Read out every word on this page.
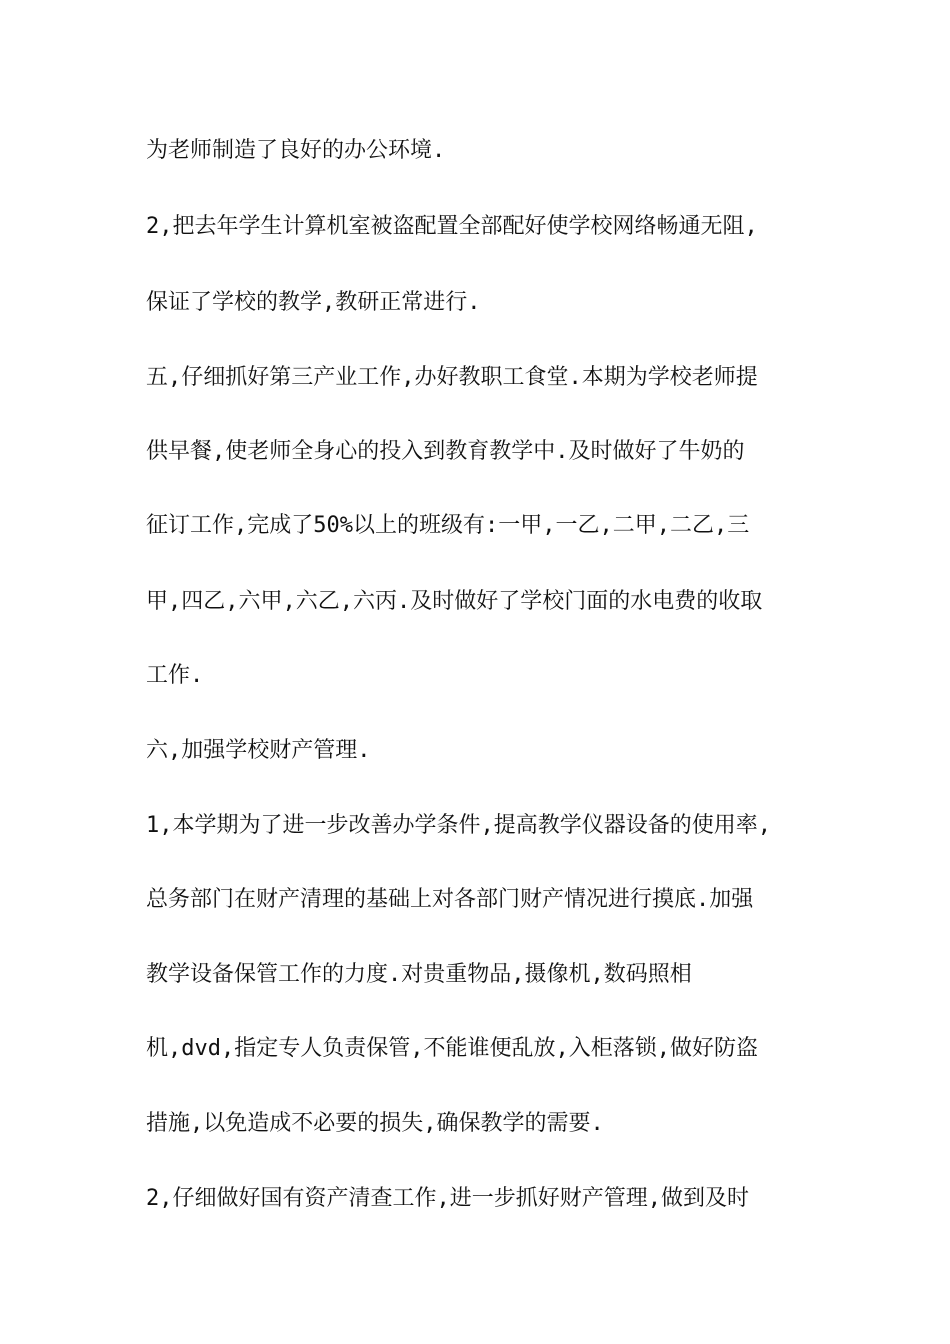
为老师制造了良好的办公环境.
2,把去年学生计算机室被盗配置全部配好使学校网络畅通无阻,
保证了学校的教学,教研正常进行.
五,仔细抓好第三产业工作,办好教职工食堂.本期为学校老师提
供早餐,使老师全身心的投入到教育教学中.及时做好了牛奶的
征订工作,完成了50%以上的班级有:一甲,一乙,二甲,二乙,三
甲,四乙,六甲,六乙,六丙.及时做好了学校门面的水电费的收取
工作.
六,加强学校财产管理.
1,本学期为了进一步改善办学条件,提高教学仪器设备的使用率,
总务部门在财产清理的基础上对各部门财产情况进行摸底.加强
教学设备保管工作的力度.对贵重物品,摄像机,数码照相
机,dvd,指定专人负责保管,不能谁便乱放,入柜落锁,做好防盗
措施,以免造成不必要的损失,确保教学的需要.
2,仔细做好国有资产清查工作,进一步抓好财产管理,做到及时
